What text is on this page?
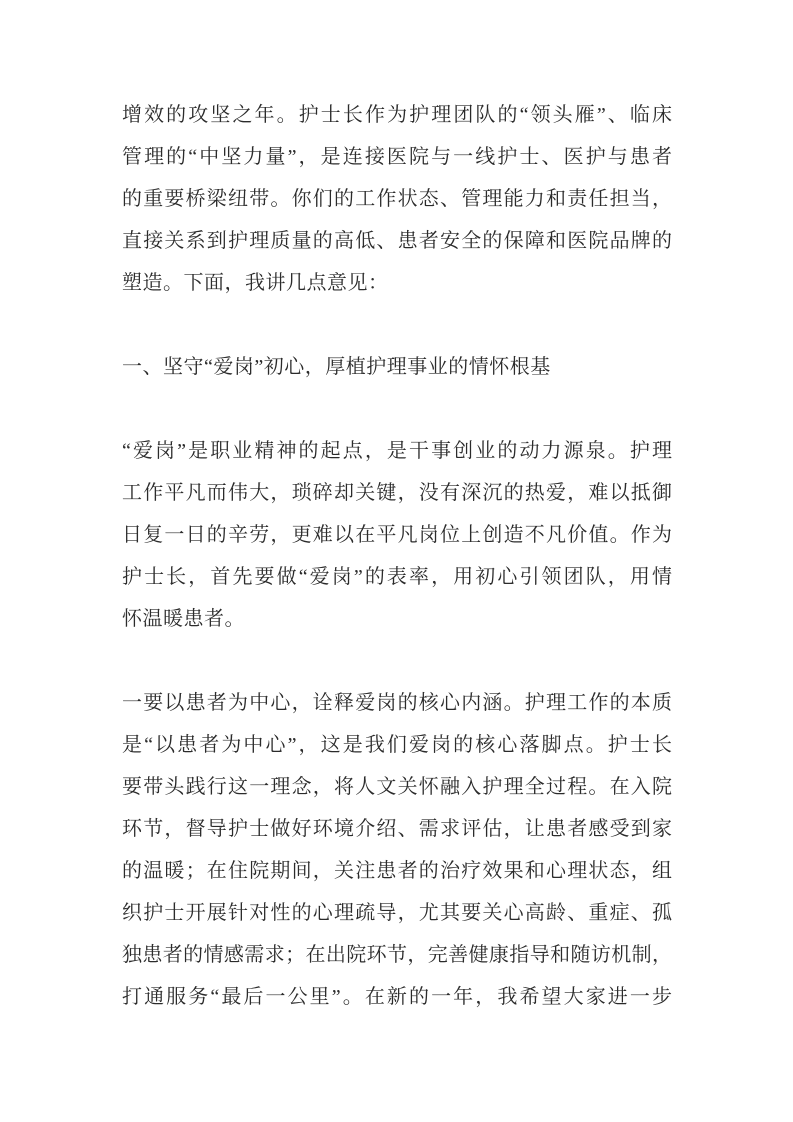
增效的攻坚之年。护士长作为护理团队的“领头雁”、临床
管理的“中坚力量”，是连接医院与一线护士、医护与患者
的重要桥梁纽带。你们的工作状态、管理能力和责任担当，
直接关系到护理质量的高低、患者安全的保障和医院品牌的
塑造。下面，我讲几点意见：
一、坚守“爱岗”初心，厚植护理事业的情怀根基
“爱岗”是职业精神的起点，是干事创业的动力源泉。护理
工作平凡而伟大，琐碎却关键，没有深沉的热爱，难以抵御
日复一日的辛劳，更难以在平凡岗位上创造不凡价值。作为
护士长，首先要做“爱岗”的表率，用初心引领团队，用情
怀温暖患者。
一要以患者为中心，诠释爱岗的核心内涵。护理工作的本质
是“以患者为中心”，这是我们爱岗的核心落脚点。护士长
要带头践行这一理念，将人文关怀融入护理全过程。在入院
环节，督导护士做好环境介绍、需求评估，让患者感受到家
的温暖；在住院期间，关注患者的治疗效果和心理状态，组
织护士开展针对性的心理疏导，尤其要关心高龄、重症、孤
独患者的情感需求；在出院环节，完善健康指导和随访机制，
打通服务“最后一公里”。在新的一年，我希望大家进一步
